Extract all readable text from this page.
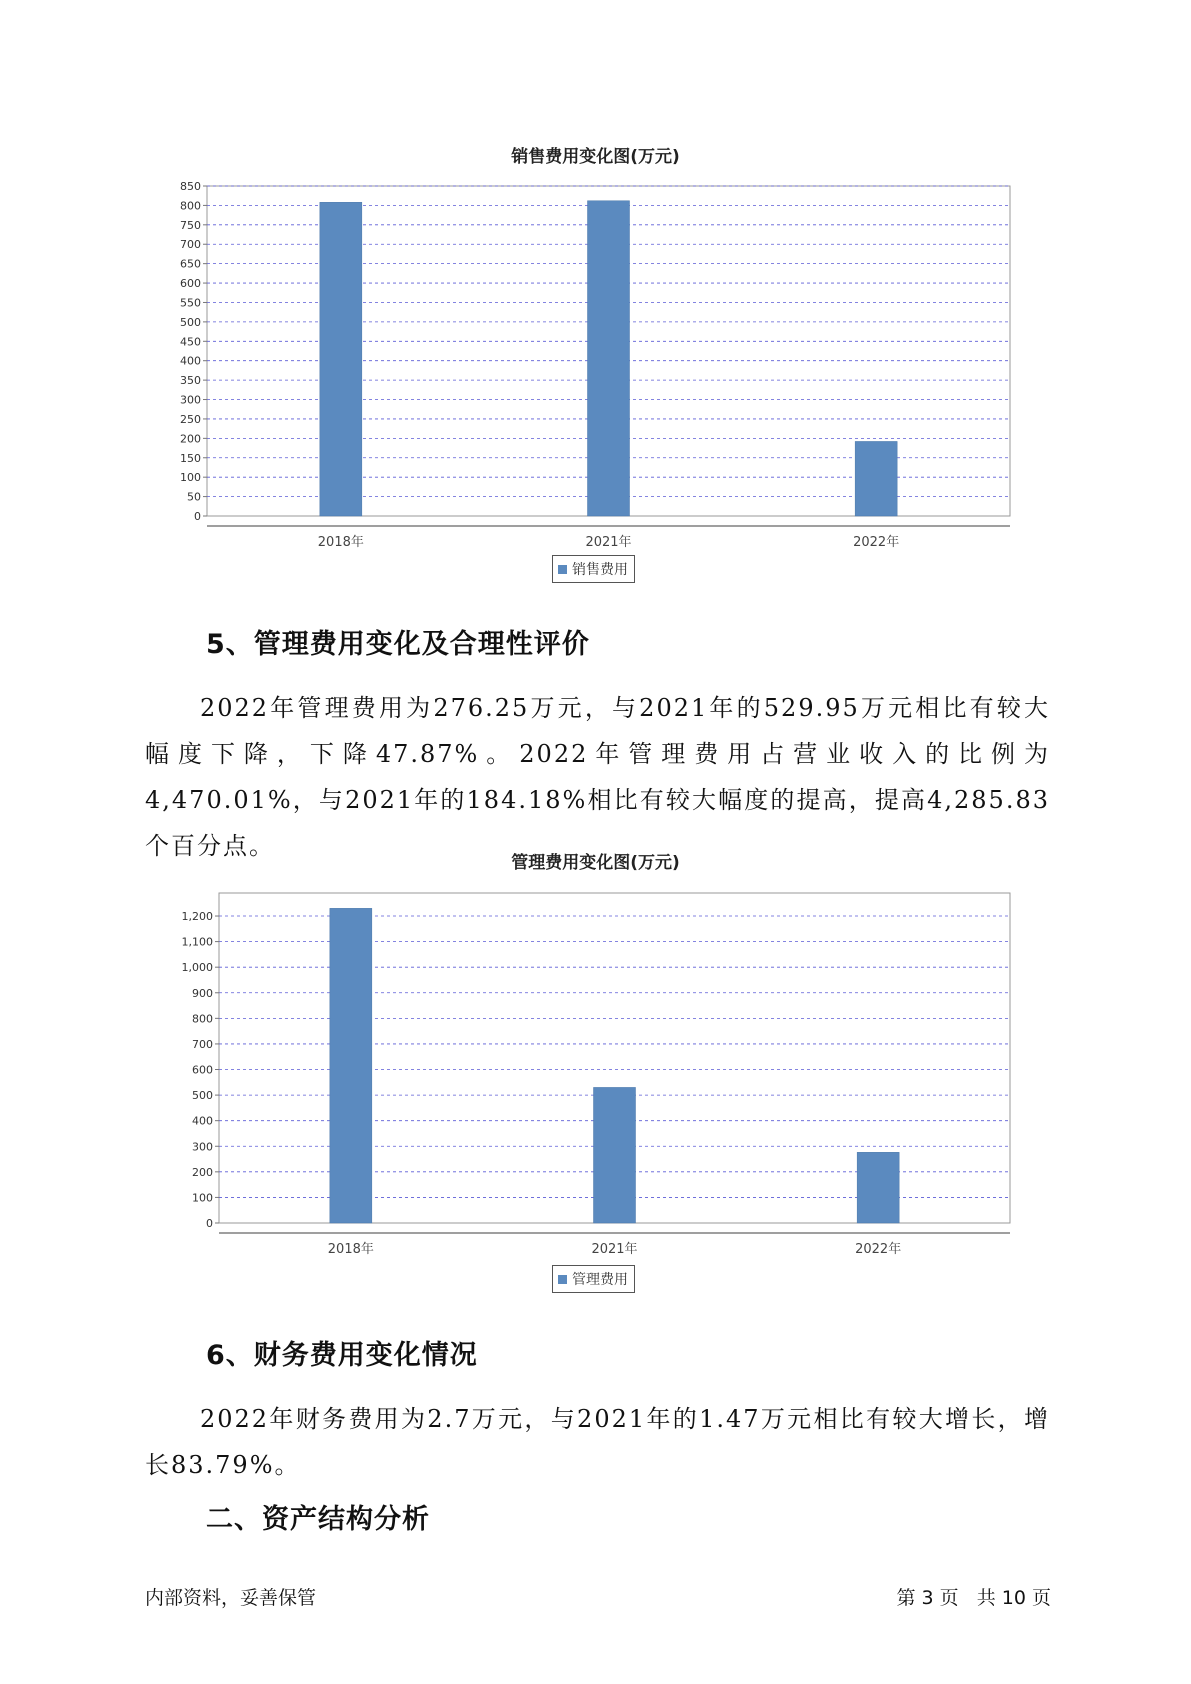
销售费用变化图(万元)
0
50
100
150
200
250
300
350
400
450
500
550
600
650
700
750
800
850
2018年	2021年	2022年
销售费用
5、管理费用变化及合理性评价
2022年管理费用为276.25万元，与2021年的529.95万元相比有较大幅度下降，下降47.87%。2022年管理费用占营业收入的比例为4,470.01%，与2021年的184.18%相比有较大幅度的提高，提高4,285.83个百分点。
管理费用变化图(万元)
0
100
200
300
400
500
600
700
800
900
1,000
1,100
1,200
2018年	2021年	2022年
管理费用
6、财务费用变化情况
2022年财务费用为2.7万元，与2021年的1.47万元相比有较大增长，增长83.79%。
二、资产结构分析
内部资料，妥善保管	第 3 页   共 10 页
